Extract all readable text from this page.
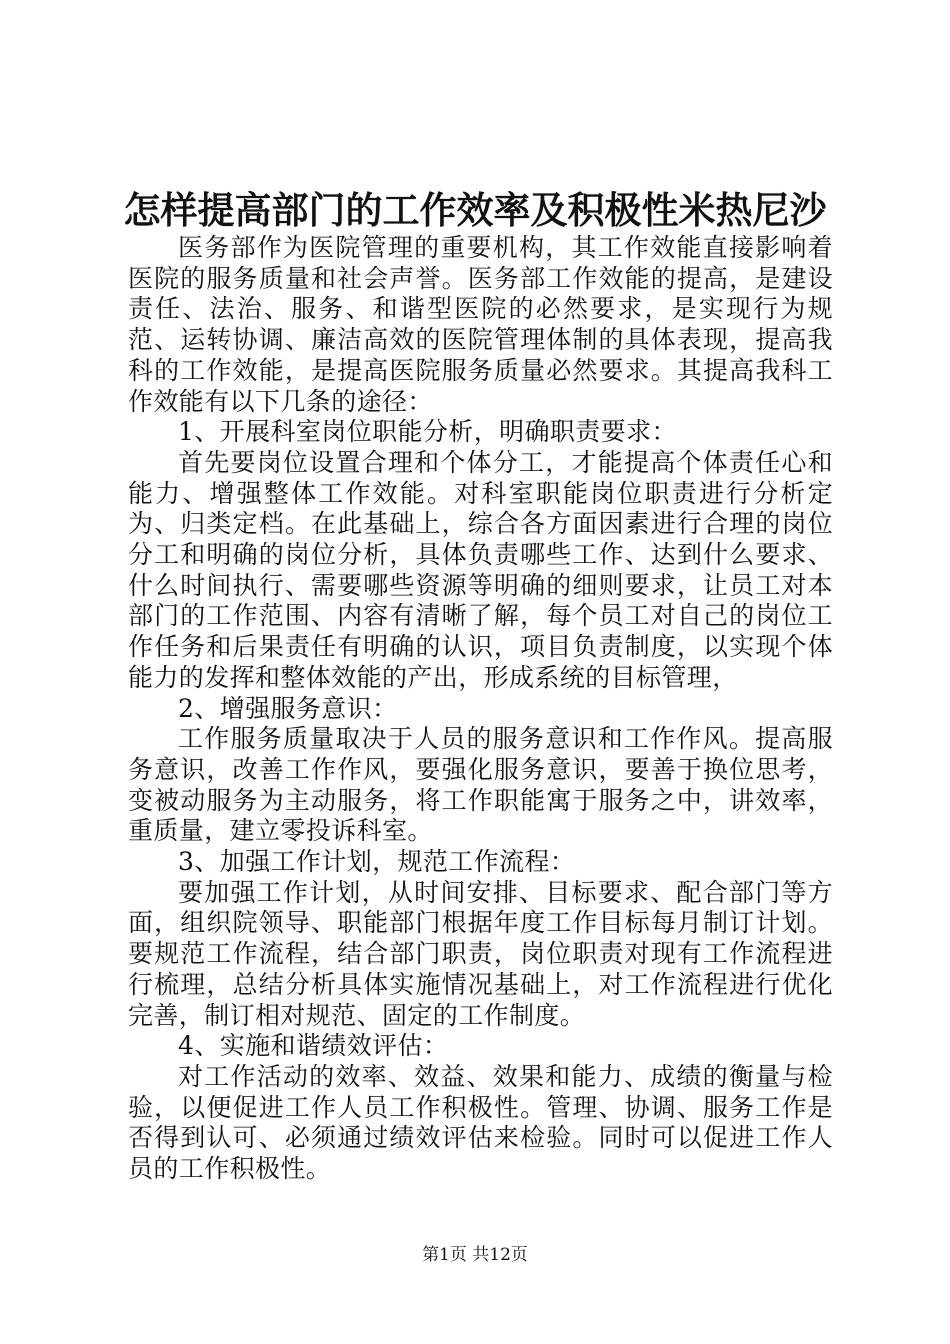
怎样提高部门的工作效率及积极性米热尼沙

医务部作为医院管理的重要机构，其工作效能直接影响着医院的服务质量和社会声誉。医务部工作效能的提高，是建设责任、法治、服务、和谐型医院的必然要求，是实现行为规范、运转协调、廉洁高效的医院管理体制的具体表现，提高我科的工作效能，是提高医院服务质量必然要求。其提高我科工作效能有以下几条的途径：

1、开展科室岗位职能分析，明确职责要求：

首先要岗位设置合理和个体分工，才能提高个体责任心和能力、增强整体工作效能。对科室职能岗位职责进行分析定为、归类定档。在此基础上，综合各方面因素进行合理的岗位分工和明确的岗位分析，具体负责哪些工作、达到什么要求、什么时间执行、需要哪些资源等明确的细则要求，让员工对本部门的工作范围、内容有清晰了解，每个员工对自己的岗位工作任务和后果责任有明确的认识，项目负责制度，以实现个体能力的发挥和整体效能的产出，形成系统的目标管理，

2、增强服务意识：

工作服务质量取决于人员的服务意识和工作作风。提高服务意识，改善工作作风，要强化服务意识，要善于换位思考，变被动服务为主动服务，将工作职能寓于服务之中，讲效率，重质量，建立零投诉科室。

3、加强工作计划，规范工作流程：

要加强工作计划，从时间安排、目标要求、配合部门等方面，组织院领导、职能部门根据年度工作目标每月制订计划。要规范工作流程，结合部门职责，岗位职责对现有工作流程进行梳理，总结分析具体实施情况基础上，对工作流程进行优化完善，制订相对规范、固定的工作制度。

4、实施和谐绩效评估：

对工作活动的效率、效益、效果和能力、成绩的衡量与检验，以便促进工作人员工作积极性。管理、协调、服务工作是否得到认可、必须通过绩效评估来检验。同时可以促进工作人员的工作积极性。

第1页 共12页
